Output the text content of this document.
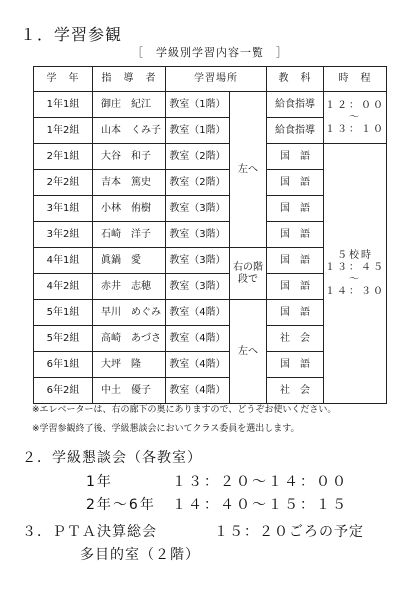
１．学習参観
［　学級別学習内容一覧　］
学　年	指　導　者	学習場所		教　科	時　程
1年1組	御庄　紀江	教室（1階）	左へ	給食指導	１２：００
〜
１３：１０

1年2組	山本　くみ子	教室（1階）		給食指導	
2年1組	大谷　和子	教室（2階）		国　語	５校時
１３：４５
〜
１４：３０

2年2組	吉本　篤史	教室（2階）		国　語	
3年1組	小林　侑樹	教室（3階）		国　語	
3年2組	石崎　洋子	教室（3階）		国　語	
4年1組	眞鍋　愛	教室（3階）	右の階段で	国　語	
4年2組	赤井　志穂	教室（3階）		国　語	
5年1組	早川　めぐみ	教室（4階）	左へ	国　語	
5年2組	高崎　あづさ	教室（4階）		社　会	
6年1組	大坪　隆	教室（4階）		国　語	
6年2組	中土　優子	教室（4階）		社　会	
※エレベーターは、右の廊下の奥にありますので、どうぞお使いください。
※学習参観終了後、学級懇談会においてクラス委員を選出します。
２．学級懇談会（各教室）
1年	１３：２０〜１４：００
2年〜6年 １４：４０〜１５：１５
３．ＰＴＡ決算総会	１５：２０ごろの予定
多目的室（２階）
